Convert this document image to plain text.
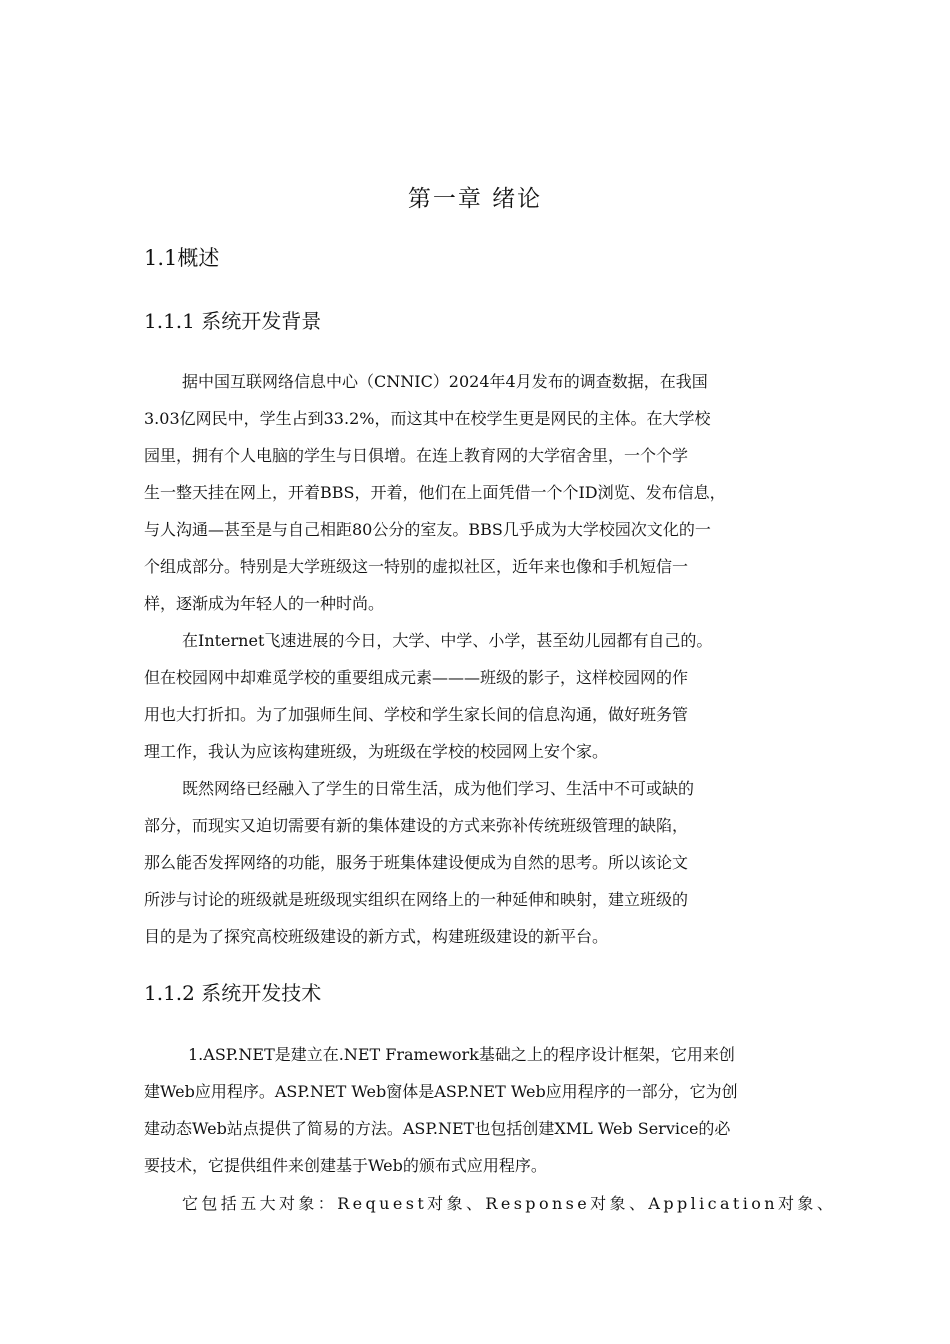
第一章 绪论
1.1概述
1.1.1 系统开发背景
据中国互联网络信息中心（CNNIC）2024年4月发布的调查数据，在我国
3.03亿网民中，学生占到33.2%，而这其中在校学生更是网民的主体。在大学校
园里，拥有个人电脑的学生与日俱增。在连上教育网的大学宿舍里，一个个学
生一整天挂在网上，开着BBS，开着，他们在上面凭借一个个ID浏览、发布信息，
与人沟通—甚至是与自己相距80公分的室友。BBS几乎成为大学校园次文化的一
个组成部分。特别是大学班级这一特别的虚拟社区，近年来也像和手机短信一
样，逐渐成为年轻人的一种时尚。
在Internet飞速进展的今日，大学、中学、小学，甚至幼儿园都有自己的。
但在校园网中却难觅学校的重要组成元素———班级的影子，这样校园网的作
用也大打折扣。为了加强师生间、学校和学生家长间的信息沟通，做好班务管
理工作，我认为应该构建班级，为班级在学校的校园网上安个家。
既然网络已经融入了学生的日常生活，成为他们学习、生活中不可或缺的
部分，而现实又迫切需要有新的集体建设的方式来弥补传统班级管理的缺陷，
那么能否发挥网络的功能，服务于班集体建设便成为自然的思考。所以该论文
所涉与讨论的班级就是班级现实组织在网络上的一种延伸和映射，建立班级的
目的是为了探究高校班级建设的新方式，构建班级建设的新平台。
1.1.2 系统开发技术
1.ASP.NET是建立在.NET Framework基础之上的程序设计框架，它用来创
建Web应用程序。ASP.NET Web窗体是ASP.NET Web应用程序的一部分，它为创
建动态Web站点提供了简易的方法。ASP.NET也包括创建XML Web Service的必
要技术，它提供组件来创建基于Web的颁布式应用程序。
它包括五大对象：Request对象、Response对象、Application对象、
